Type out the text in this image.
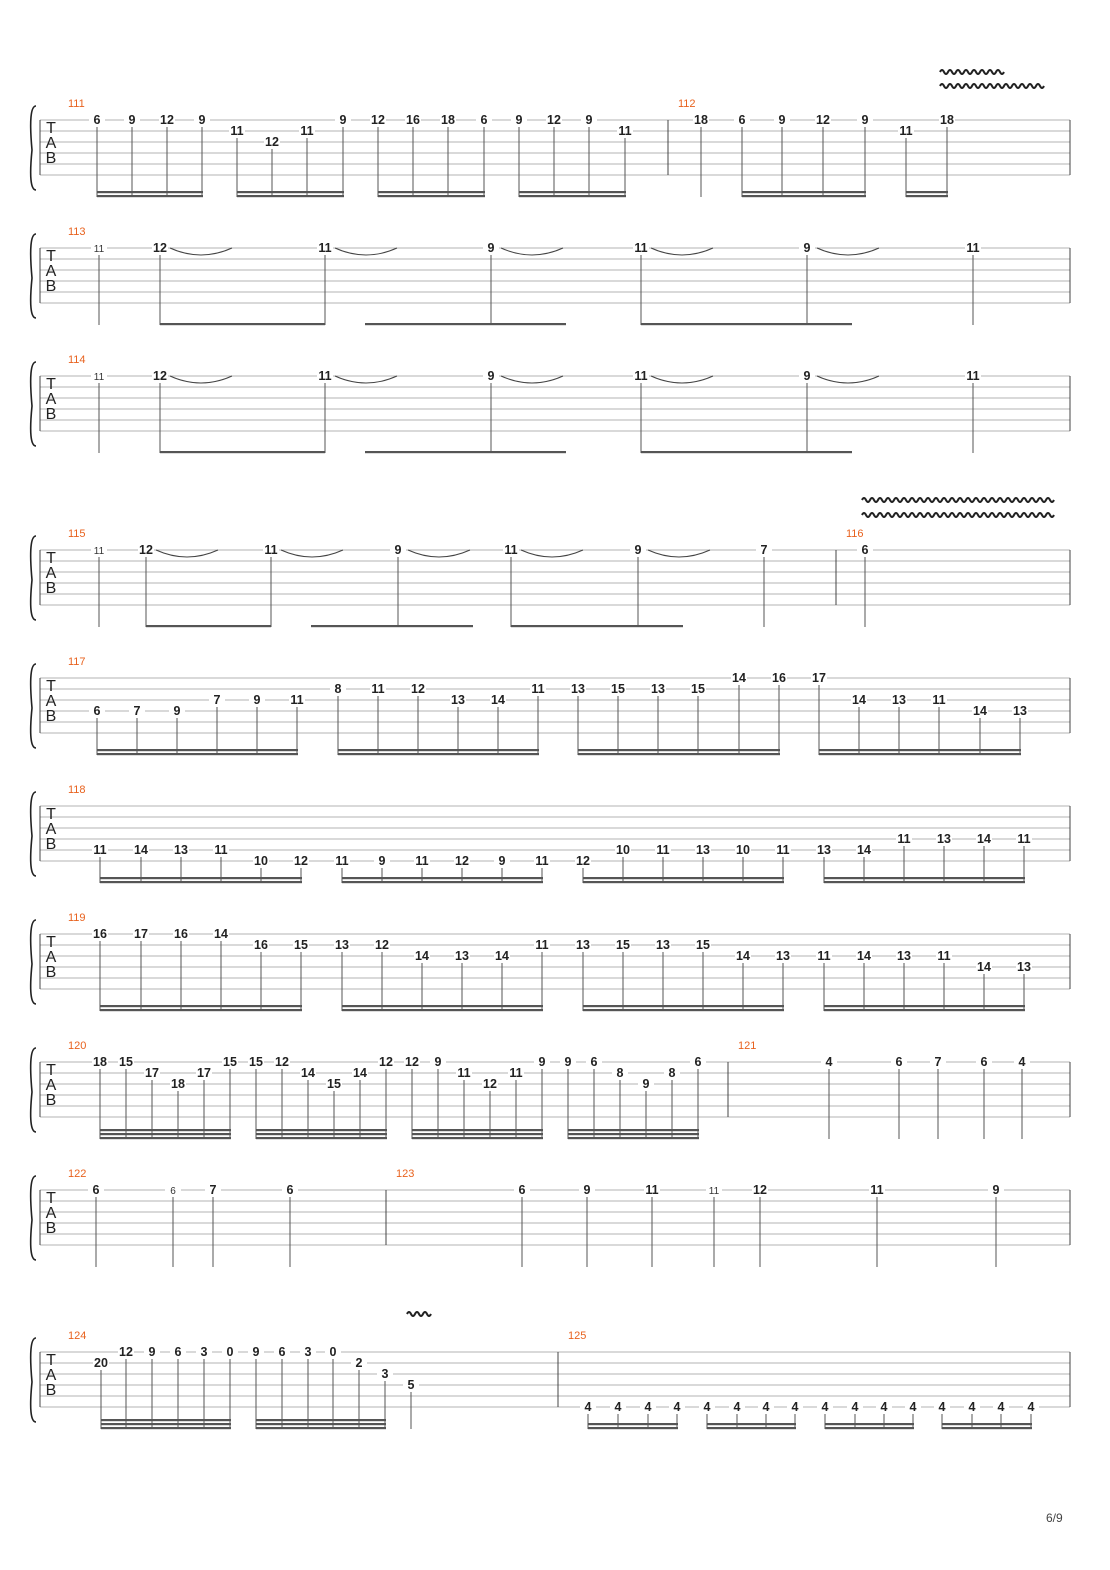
T
A
B
111
6 9 12 9
11
12
11
9 12 16 18 6 9 12 9
11
112
18 6	9 12	9
11
18
T
A
B
113
11	12	11	9	11	9	11
T
A
B
114
11	12	11	9	11	9	11
T
A
B
115
11	12	11	9	11	9	7
116
6
T
A
B
117
6	7	9
7	9 11
8 11 12
13 14
11 13 15 13 15
14 16 17
14 13 11
14 13
T
A
B
118
11 14 13 11
10 12 11 9 11 12 9 11 12
10 11 13 10 11 13 14
11 13 14 11
T
A
B
119
16 17 16 14
16 15 13 12
14 13 14
11 13 15 13 15
14 13 11 14 13 11
14 13
T
A
B
120
18 15
17
18
17
15 15 12
14
15
14
12 12 9
11
12
11
9 9 6
8
9
8
6
121
4	6	7	6 4
T
A
B
122
6	6	7	6
123
6	9	11	11	12	11	9
T
A
B
124
20
12 9 6 3 0 9 6 3 0
2
3
5
125
4 4 4 4 4 4 4 4 4 4 4 4 4 4 4 4
6/9
